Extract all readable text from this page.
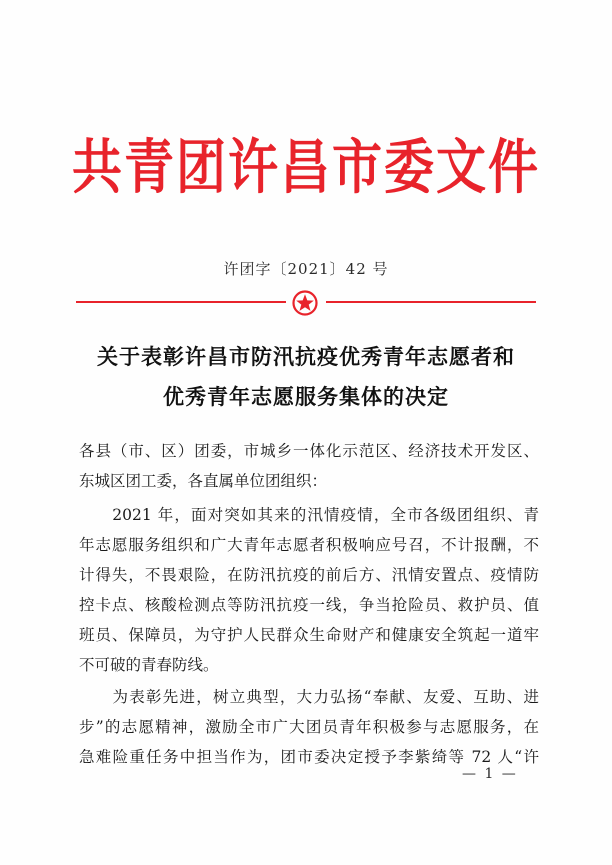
共青团许昌市委文件
许团字〔2021〕42 号
关于表彰许昌市防汛抗疫优秀青年志愿者和
优秀青年志愿服务集体的决定
各县（市、区）团委，市城乡一体化示范区、经济技术开发区、
东城区团工委，各直属单位团组织：
　　2021 年，面对突如其来的汛情疫情，全市各级团组织、青
年志愿服务组织和广大青年志愿者积极响应号召，不计报酬，不
计得失，不畏艰险，在防汛抗疫的前后方、汛情安置点、疫情防
控卡点、核酸检测点等防汛抗疫一线，争当抢险员、救护员、值
班员、保障员，为守护人民群众生命财产和健康安全筑起一道牢
不可破的青春防线。
　　为表彰先进，树立典型，大力弘扬“奉献、友爱、互助、进
步”的志愿精神，激励全市广大团员青年积极参与志愿服务，在
急难险重任务中担当作为，团市委决定授予李紫绮等 72 人“许
— 1 —
